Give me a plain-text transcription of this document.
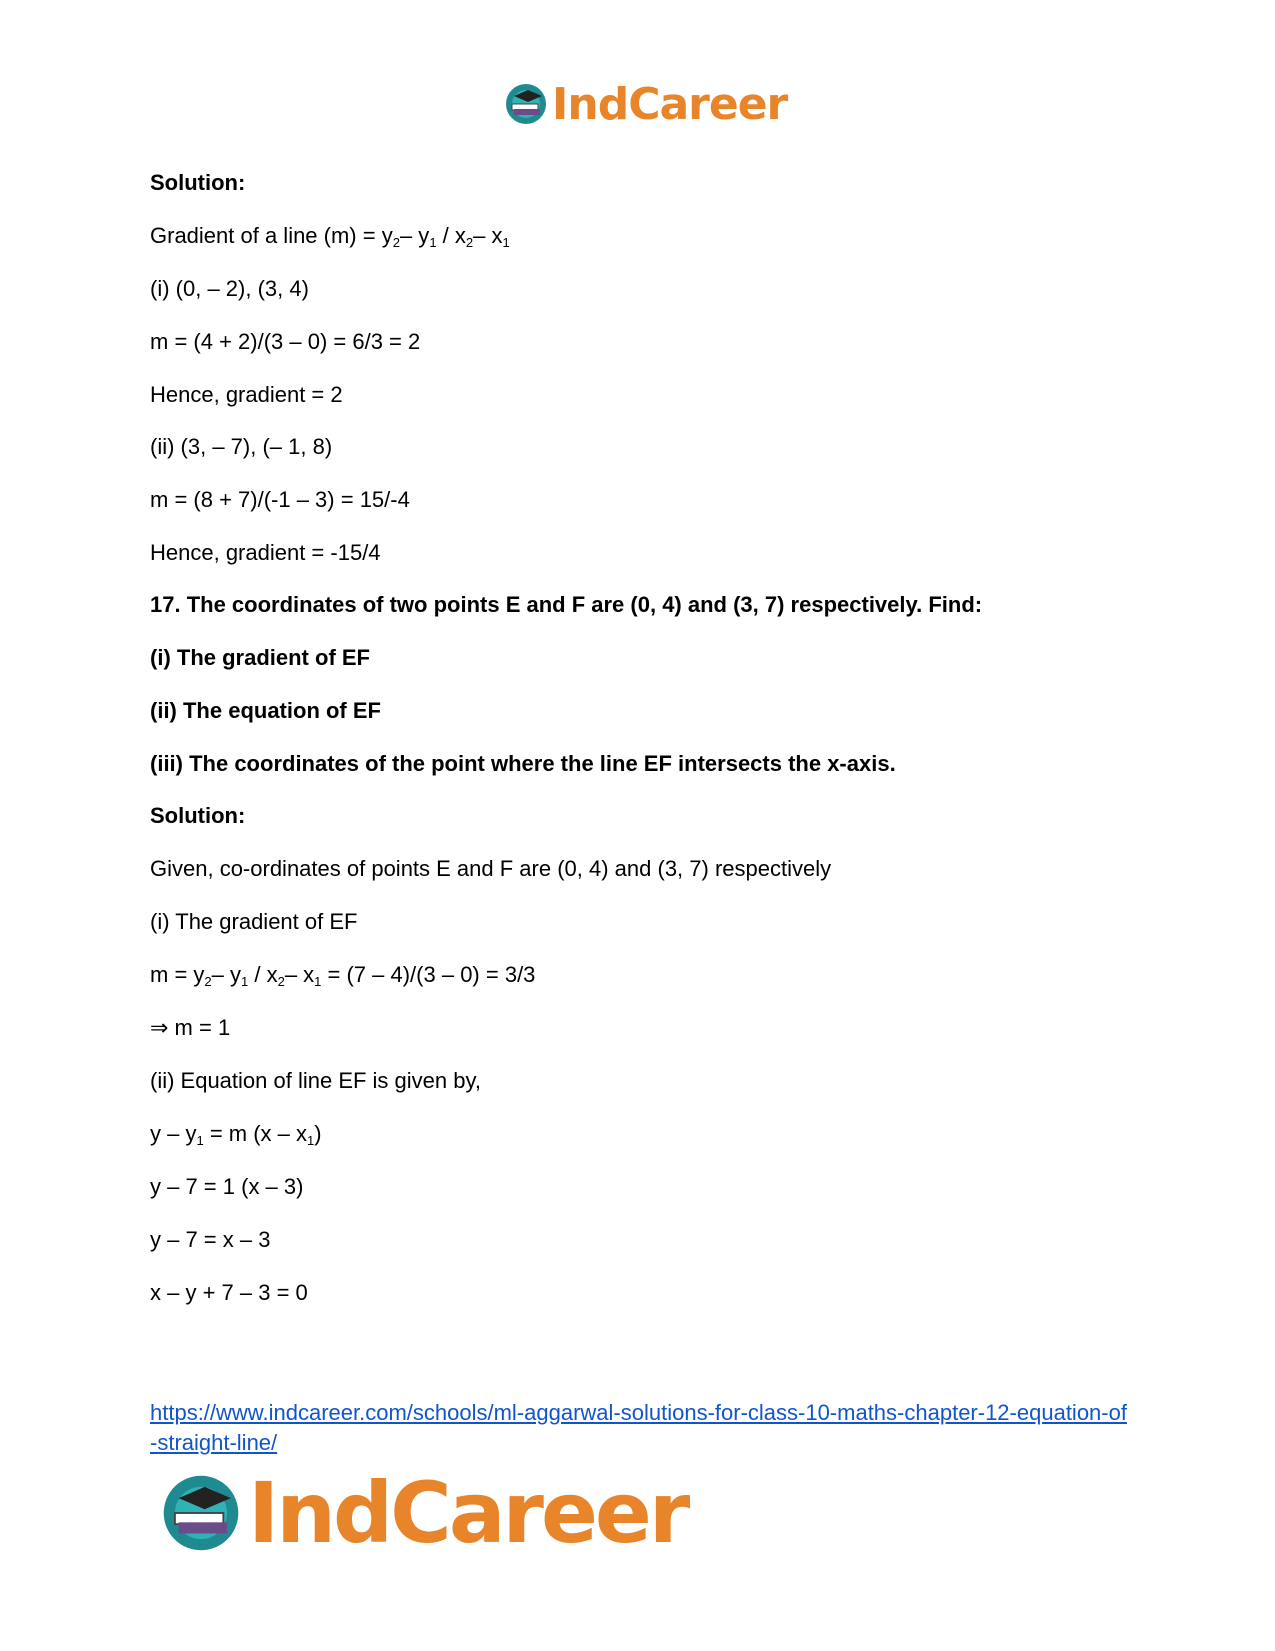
IndCareer
Solution:
Gradient of a line $(m) = y_2-$ $y_1 / x_2-$ $x_1$
(i) (0, – 2), (3, 4)
m = (4 + 2)/(3 – 0) = 6/3 = 2
Hence, gradient = 2
(ii) (3, – 7), (– 1, 8)
m = (8 + 7)/(-1 – 3) = 15/-4
Hence, gradient = -15/4
17. The coordinates of two points E and F are (0, 4) and (3, 7) respectively. Find:
(i) The gradient of EF
(ii) The equation of EF
(iii) The coordinates of the point where the line EF intersects the x-axis.
Solution:
Given, co-ordinates of points E and F are (0, 4) and (3, 7) respectively
(i) The gradient of EF
$m = y_2-$ $y_1 / x_2-$ $x_1 = (7 - 4)/(3 - 0) = 3/3$
⇒ m = 1
(ii) Equation of line EF is given by,
$y - y_1 = m$ $(x - x_1)$
y – 7 = 1 (x – 3)
y – 7 = x – 3
x – y + 7 – 3 = 0
https://www.indcareer.com/schools/ml-aggarwal-solutions-for-class-10-maths-chapter-12-equation-of-straight-line/
IndCareer
